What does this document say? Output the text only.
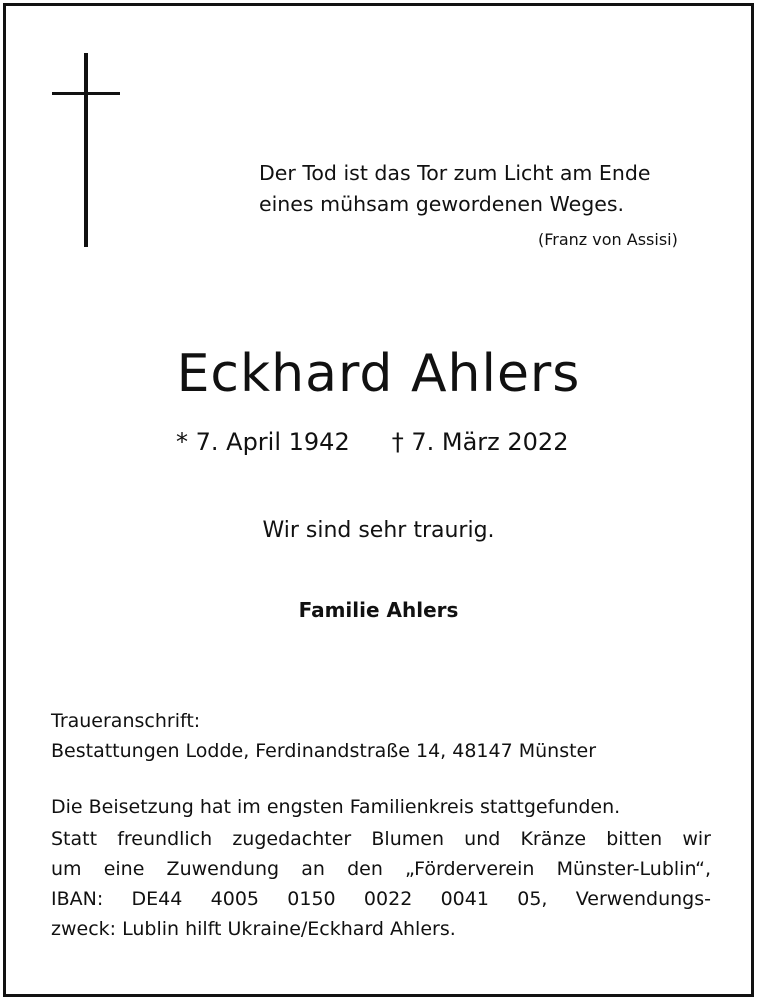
Der Tod ist das Tor zum Licht am Ende
eines mühsam gewordenen Weges.
(Franz von Assisi)
Eckhard Ahlers
* 7. April 1942 † 7. März 2022
Wir sind sehr traurig.
Familie Ahlers
Traueranschrift:
Bestattungen Lodde, Ferdinandstraße 14, 48147 Münster
Die Beisetzung hat im engsten Familienkreis stattgefunden.
Statt freundlich zugedachter Blumen und Kränze bitten wir
um eine Zuwendung an den „Förderverein Münster-Lublin“,
IBAN: DE44 4005 0150 0022 0041 05, Verwendungs-
zweck: Lublin hilft Ukraine/Eckhard Ahlers.
